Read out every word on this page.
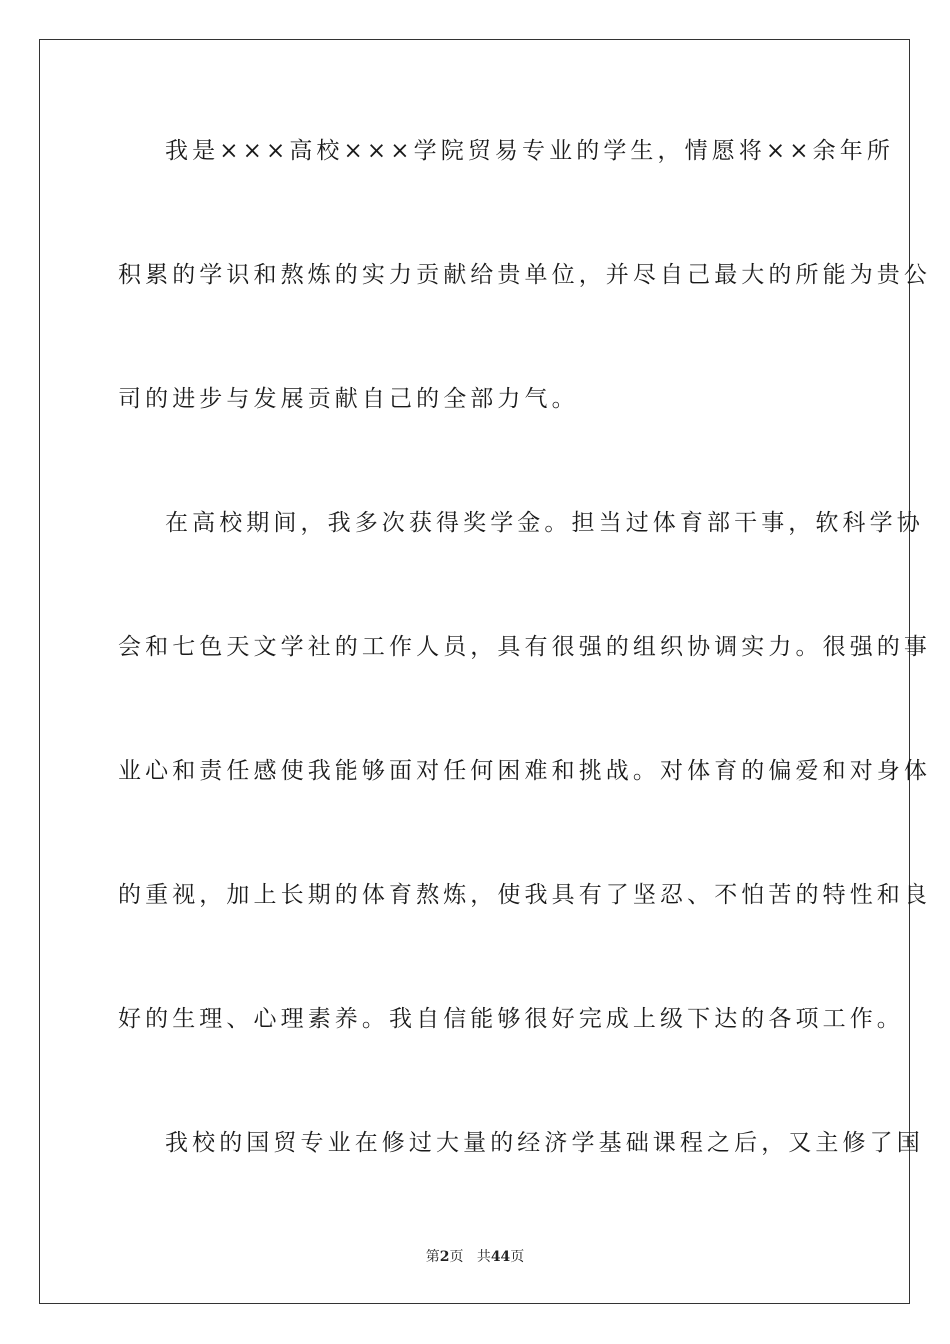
我是×××高校×××学院贸易专业的学生，情愿将××余年所
积累的学识和熬炼的实力贡献给贵单位，并尽自己最大的所能为贵公
司的进步与发展贡献自己的全部力气。
在高校期间，我多次获得奖学金。担当过体育部干事，软科学协
会和七色天文学社的工作人员，具有很强的组织协调实力。很强的事
业心和责任感使我能够面对任何困难和挑战。对体育的偏爱和对身体
的重视，加上长期的体育熬炼，使我具有了坚忍、不怕苦的特性和良
好的生理、心理素养。我自信能够很好完成上级下达的各项工作。
我校的国贸专业在修过大量的经济学基础课程之后，又主修了国
第2页 共44页
